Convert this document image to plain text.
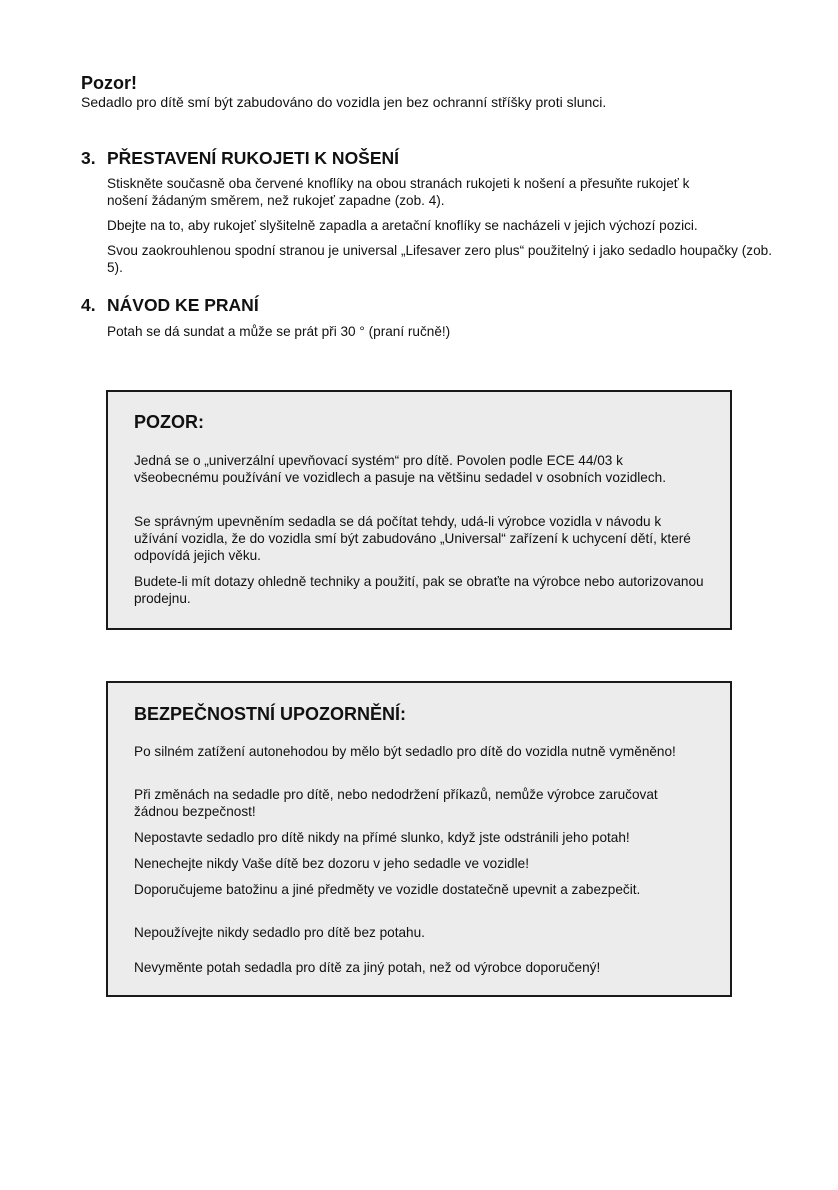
Pozor!

Sedadlo pro dítě smí být zabudováno do vozidla jen bez ochranní stříšky proti slunci.

3. PŘESTAVENÍ RUKOJETI K NOŠENÍ

Stiskněte současně oba červené knoflíky na obou stranách rukojeti k nošení a přesuňte rukojeť k nošení žádaným směrem, než rukojeť zapadne (zob. 4).

Dbejte na to, aby rukojeť slyšitelně zapadla a aretační knoflíky se nacházeli v jejich výchozí pozici.

Svou zaokrouhlenou spodní stranou je universal „Lifesaver zero plus“ použitelný i jako sedadlo houpačky (zob. 5).

4. NÁVOD KE PRANÍ

Potah se dá sundat a může se prát při 30 ° (praní ručně!)

POZOR:

Jedná se o „univerzální upevňovací systém“ pro dítě. Povolen podle ECE 44/03 k všeobecnému používání ve vozidlech a pasuje na většinu sedadel v osobních vozidlech.

Se správným upevněním sedadla se dá počítat tehdy, udá-li výrobce vozidla v návodu k užívání vozidla, že do vozidla smí být zabudováno „Universal“ zařízení k uchycení dětí, které odpovídá jejich věku.

Budete-li mít dotazy ohledně techniky a použití, pak se obraťte na výrobce nebo autorizovanou prodejnu.

BEZPEČNOSTNÍ UPOZORNĚNÍ:

Po silném zatížení autonehodou by mělo být sedadlo pro dítě do vozidla nutně vyměněno!

Při změnách na sedadle pro dítě, nebo nedodržení příkazů, nemůže výrobce zaručovat žádnou bezpečnost!

Nepostavte sedadlo pro dítě nikdy na přímé slunko, když jste odstránili jeho potah!

Nenechejte nikdy Vaše dítě bez dozoru v jeho sedadle ve vozidle!

Doporučujeme batožinu a jiné předměty ve vozidle dostatečně upevnit a zabezpečit.

Nepoužívejte nikdy sedadlo pro dítě bez potahu.

Nevyměnte potah sedadla pro dítě za jiný potah, než od výrobce doporučený!
